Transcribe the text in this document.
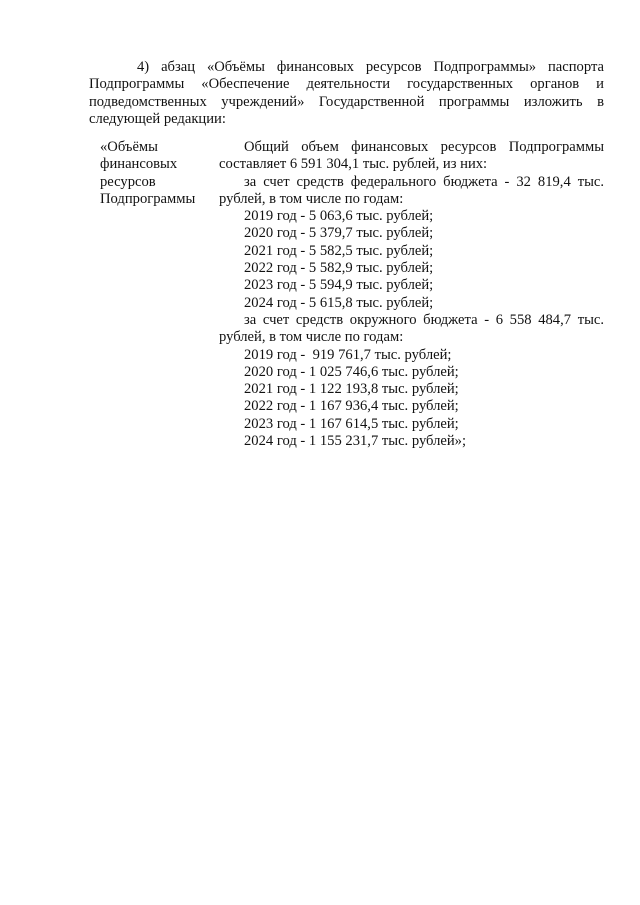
4) абзац «Объёмы финансовых ресурсов Подпрограммы» паспорта Подпрограммы «Обеспечение деятельности государственных органов и подведомственных учреждений» Государственной программы изложить в следующей редакции:

«Объёмы
финансовых
ресурсов
Подпрограммы

Общий объем финансовых ресурсов Подпрограммы составляет 6 591 304,1 тыс. рублей, из них:

за счет средств федерального бюджета - 32 819,4 тыс. рублей, в том числе по годам:

2019 год - 5 063,6 тыс. рублей;

2020 год - 5 379,7 тыс. рублей;

2021 год - 5 582,5 тыс. рублей;

2022 год - 5 582,9 тыс. рублей;

2023 год - 5 594,9 тыс. рублей;

2024 год - 5 615,8 тыс. рублей;

за счет средств окружного бюджета - 6 558 484,7 тыс. рублей, в том числе по годам:

2019 год -  919 761,7 тыс. рублей;

2020 год - 1 025 746,6 тыс. рублей;

2021 год - 1 122 193,8 тыс. рублей;

2022 год - 1 167 936,4 тыс. рублей;

2023 год - 1 167 614,5 тыс. рублей;

2024 год - 1 155 231,7 тыс. рублей»;
